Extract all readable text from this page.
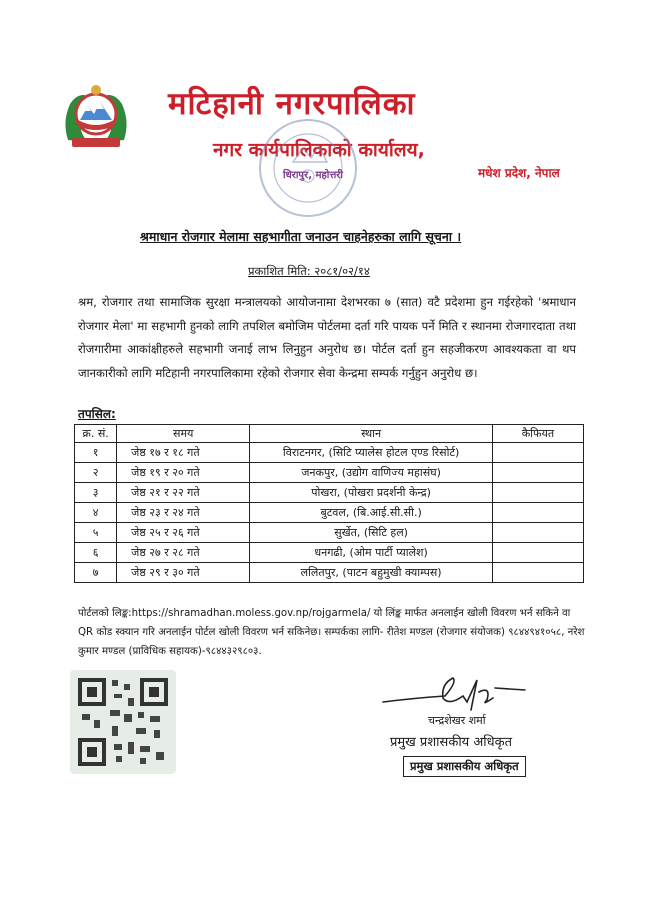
मटिहानी नगरपालिका
नगर कार्यपालिकाको कार्यालय,
मधेश प्रदेश, नेपाल
धिरापुर, महोत्तरी
श्रमाधान रोजगार मेलामा सहभागीता जनाउन चाहनेहरुका लागि सूचना ।
प्रकाशित मिति: २०८१/०२/१४
श्रम, रोजगार तथा सामाजिक सुरक्षा मन्त्रालयको आयोजनामा देशभरका ७ (सात) वटै प्रदेशमा हुन गईरहेको 'श्रमाधान रोजगार मेला' मा सहभागी हुनको लागि तपशिल बमोजिम पोर्टलमा दर्ता गरि पायक पर्ने मिति र स्थानमा रोजगारदाता तथा रोजगारीमा आकांक्षीहरुले सहभागी जनाई लाभ लिनुहुन अनुरोध छ। पोर्टल दर्ता हुन सहजीकरण आवश्यकता वा थप जानकारीको लागि मटिहानी नगरपालिकामा रहेको रोजगार सेवा केन्द्रमा सम्पर्क गर्नुहुन अनुरोध छ।
तपसिल:
क्र. सं.	समय	स्थान	कैफियत
१	जेष्ठ १७ र १८ गते	विराटनगर, (सिटि प्यालेस होटल एण्ड रिसोर्ट)	
२	जेष्ठ १९ र २० गते	जनकपुर, (उद्योग वाणिज्य महासंघ)	
३	जेष्ठ २१ र २२ गते	पोखरा, (पोखरा प्रदर्शनी केन्द्र)	
४	जेष्ठ २३ र २४ गते	बुटवल, (बि.आई.सी.सी.)	
५	जेष्ठ २५ र २६ गते	सुर्खेत, (सिटि हल)	
६	जेष्ठ २७ र २८ गते	धनगढी, (ओम पार्टी प्यालेश)	
७	जेष्ठ २९ र ३० गते	ललितपुर, (पाटन बहुमुखी क्याम्पस)	
पोर्टलको लिङ्क:https://shramadhan.moless.gov.np/rojgarmela/ यो लिंङ्क मार्फत अनलाईन खोली विवरण भर्न सकिने वा QR कोड स्क्यान गरि अनलाईन पोर्टल खोली विवरण भर्न सकिनेछ। सम्पर्कका लागि- रीतेश मण्डल (रोजगार संयोजक) ९८४४९४१०५८, नरेश कुमार मण्डल (प्राविधिक सहायक)-९८४४३२९८०३.
चन्द्रशेखर शर्मा
प्रमुख प्रशासकीय अधिकृत
प्रमुख प्रशासकीय अधिकृत
